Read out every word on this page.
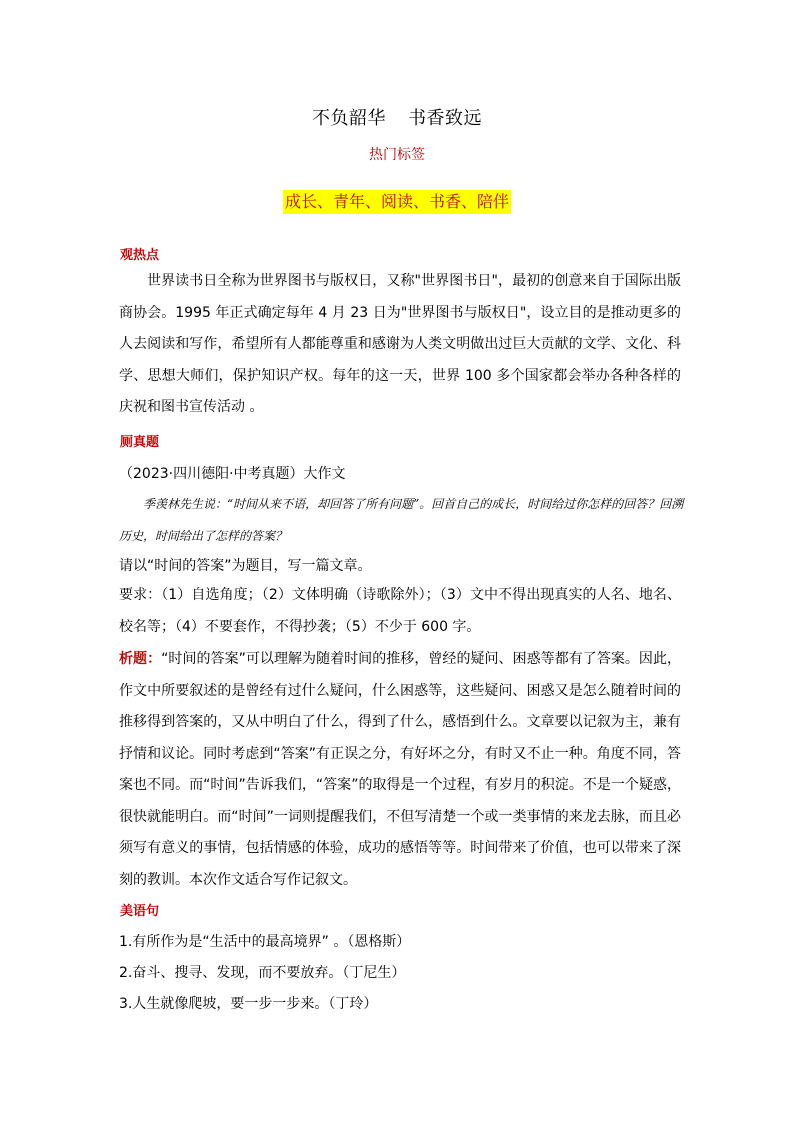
不负韶华 书香致远
热门标签
成长、青年、阅读、书香、陪伴
观热点
世界读书日全称为世界图书与版权日，又称"世界图书日"，最初的创意来自于国际出版商协会。1995 年正式确定每年 4 月 23 日为"世界图书与版权日"，设立目的是推动更多的人去阅读和写作，希望所有人都能尊重和感谢为人类文明做出过巨大贡献的文学、文化、科学、思想大师们，保护知识产权。每年的这一天，世界 100 多个国家都会举办各种各样的庆祝和图书宣传活动 。
厕真题
（2023·四川德阳·中考真题）大作文
季羡林先生说：“时间从来不语，却回答了所有问题”。回首自己的成长，时间给过你怎样的回答？回溯历史，时间给出了怎样的答案？
请以“时间的答案”为题目，写一篇文章。
要求：（1）自选角度；（2）文体明确（诗歌除外）；（3）文中不得出现真实的人名、地名、校名等；（4）不要套作，不得抄袭；（5）不少于 600 字。
析题：“时间的答案”可以理解为随着时间的推移，曾经的疑问、困惑等都有了答案。因此，作文中所要叙述的是曾经有过什么疑问，什么困惑等，这些疑问、困惑又是怎么随着时间的推移得到答案的，又从中明白了什么，得到了什么，感悟到什么。文章要以记叙为主，兼有抒情和议论。同时考虑到“答案”有正误之分，有好坏之分，有时又不止一种。角度不同，答案也不同。而“时间”告诉我们，“答案”的取得是一个过程，有岁月的积淀。不是一个疑惑，很快就能明白。而“时间”一词则提醒我们，不但写清楚一个或一类事情的来龙去脉，而且必须写有意义的事情，包括情感的体验，成功的感悟等等。时间带来了价值，也可以带来了深刻的教训。本次作文适合写作记叙文。
美语句
1.有所作为是“生活中的最高境界” 。（恩格斯）
2.奋斗、搜寻、发现，而不要放弃。（丁尼生）
3.人生就像爬坡，要一步一步来。（丁玲）
